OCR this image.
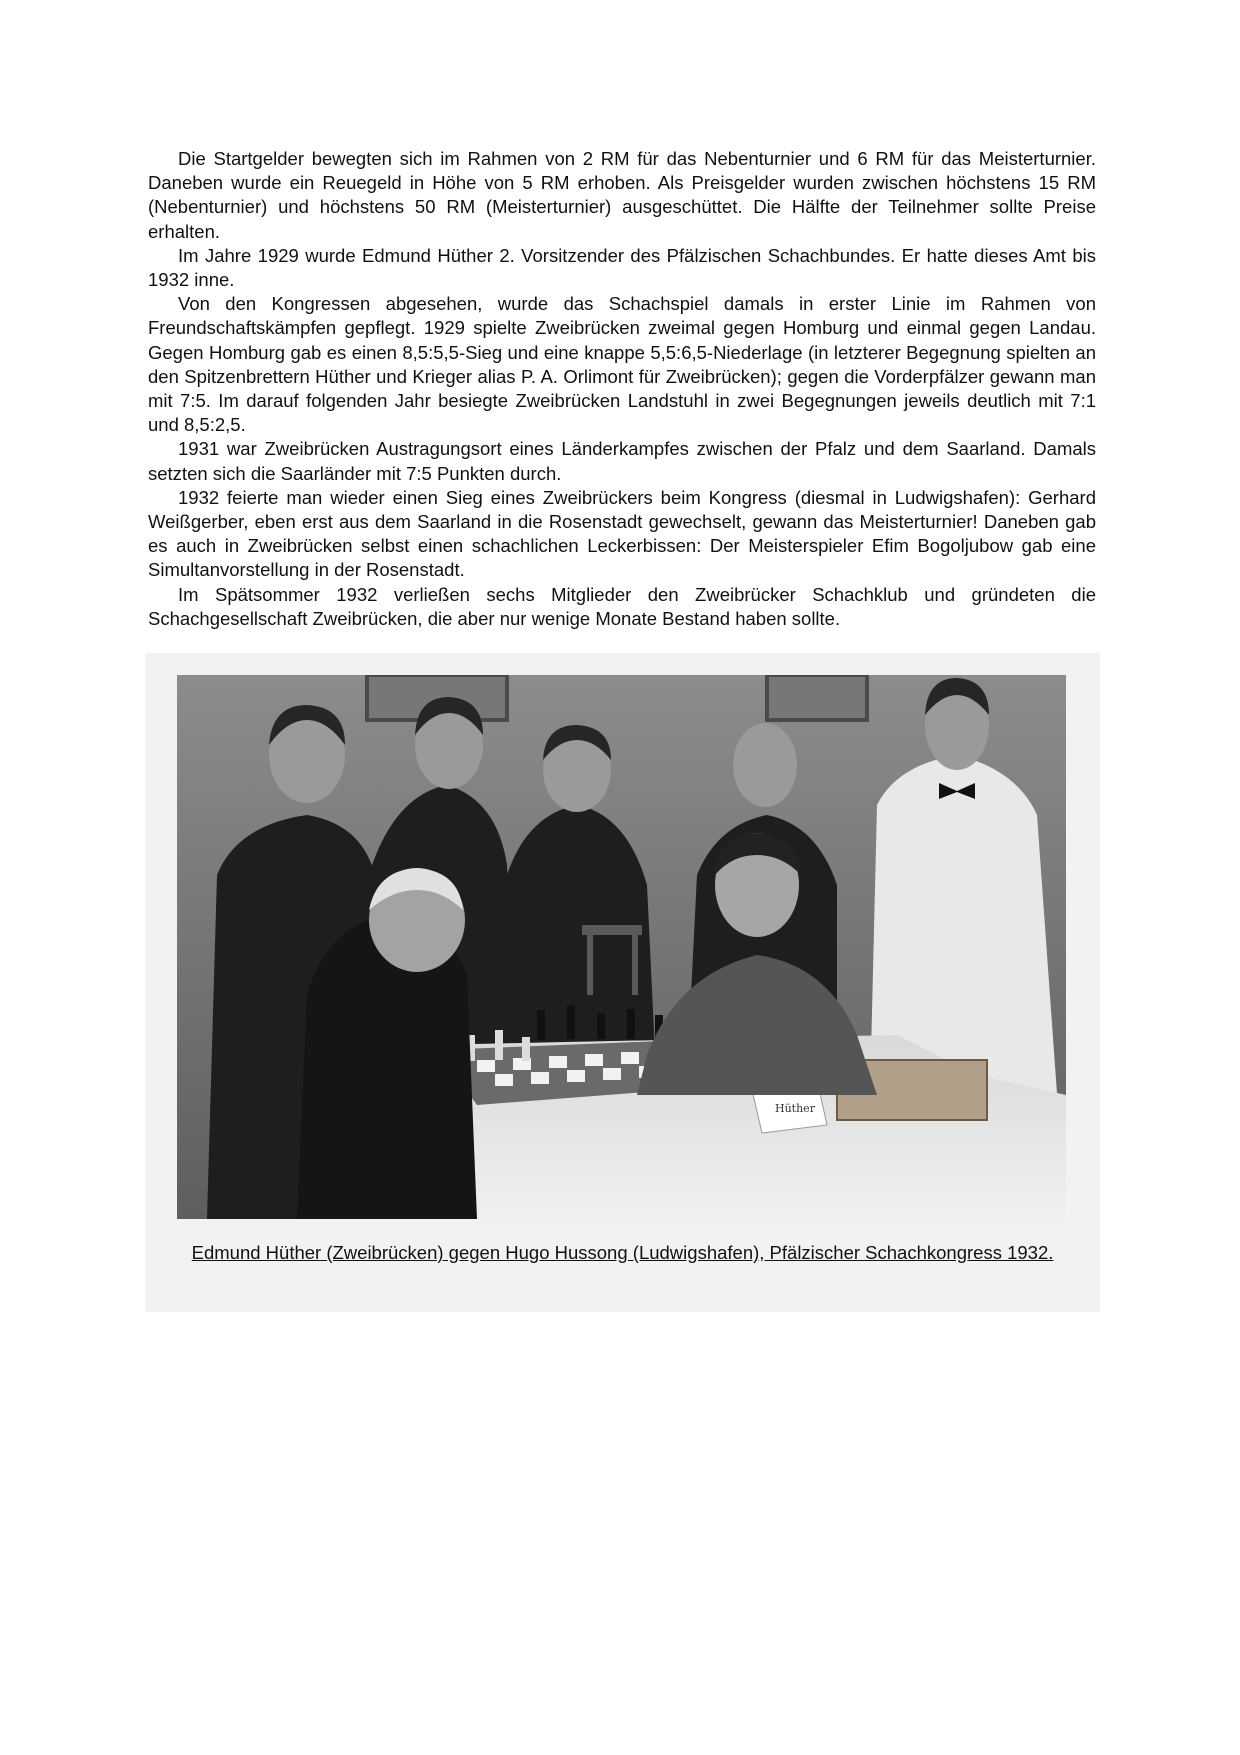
Die Startgelder bewegten sich im Rahmen von 2 RM für das Nebenturnier und 6 RM für das Meisterturnier. Daneben wurde ein Reuegeld in Höhe von 5 RM erhoben. Als Preisgelder wurden zwischen höchstens 15 RM (Nebenturnier) und höchstens 50 RM (Meisterturnier) ausgeschüttet. Die Hälfte der Teilnehmer sollte Preise erhalten.

Im Jahre 1929 wurde Edmund Hüther 2. Vorsitzender des Pfälzischen Schachbundes. Er hatte dieses Amt bis 1932 inne.

Von den Kongressen abgesehen, wurde das Schachspiel damals in erster Linie im Rahmen von Freundschaftskämpfen gepflegt. 1929 spielte Zweibrücken zweimal gegen Homburg und einmal gegen Landau. Gegen Homburg gab es einen 8,5:5,5-Sieg und eine knappe 5,5:6,5-Niederlage (in letzterer Begegnung spielten an den Spitzenbrettern Hüther und Krieger alias P. A. Orlimont für Zweibrücken); gegen die Vorderpfälzer gewann man mit 7:5. Im darauf folgenden Jahr besiegte Zweibrücken Landstuhl in zwei Begegnungen jeweils deutlich mit 7:1 und 8,5:2,5.

1931 war Zweibrücken Austragungsort eines Länderkampfes zwischen der Pfalz und dem Saarland. Damals setzten sich die Saarländer mit 7:5 Punkten durch.

1932 feierte man wieder einen Sieg eines Zweibrückers beim Kongress (diesmal in Ludwigshafen): Gerhard Weißgerber, eben erst aus dem Saarland in die Rosenstadt gewechselt, gewann das Meisterturnier! Daneben gab es auch in Zweibrücken selbst einen schachlichen Leckerbissen: Der Meisterspieler Efim Bogoljubow gab eine Simultanvorstellung in der Rosenstadt.

Im Spätsommer 1932 verließen sechs Mitglieder den Zweibrücker Schachklub und gründeten die Schachgesellschaft Zweibrücken, die aber nur wenige Monate Bestand haben sollte.

Hüther
Edmund Hüther (Zweibrücken) gegen Hugo Hussong (Ludwigshafen), Pfälzischer Schachkongress 1932.
